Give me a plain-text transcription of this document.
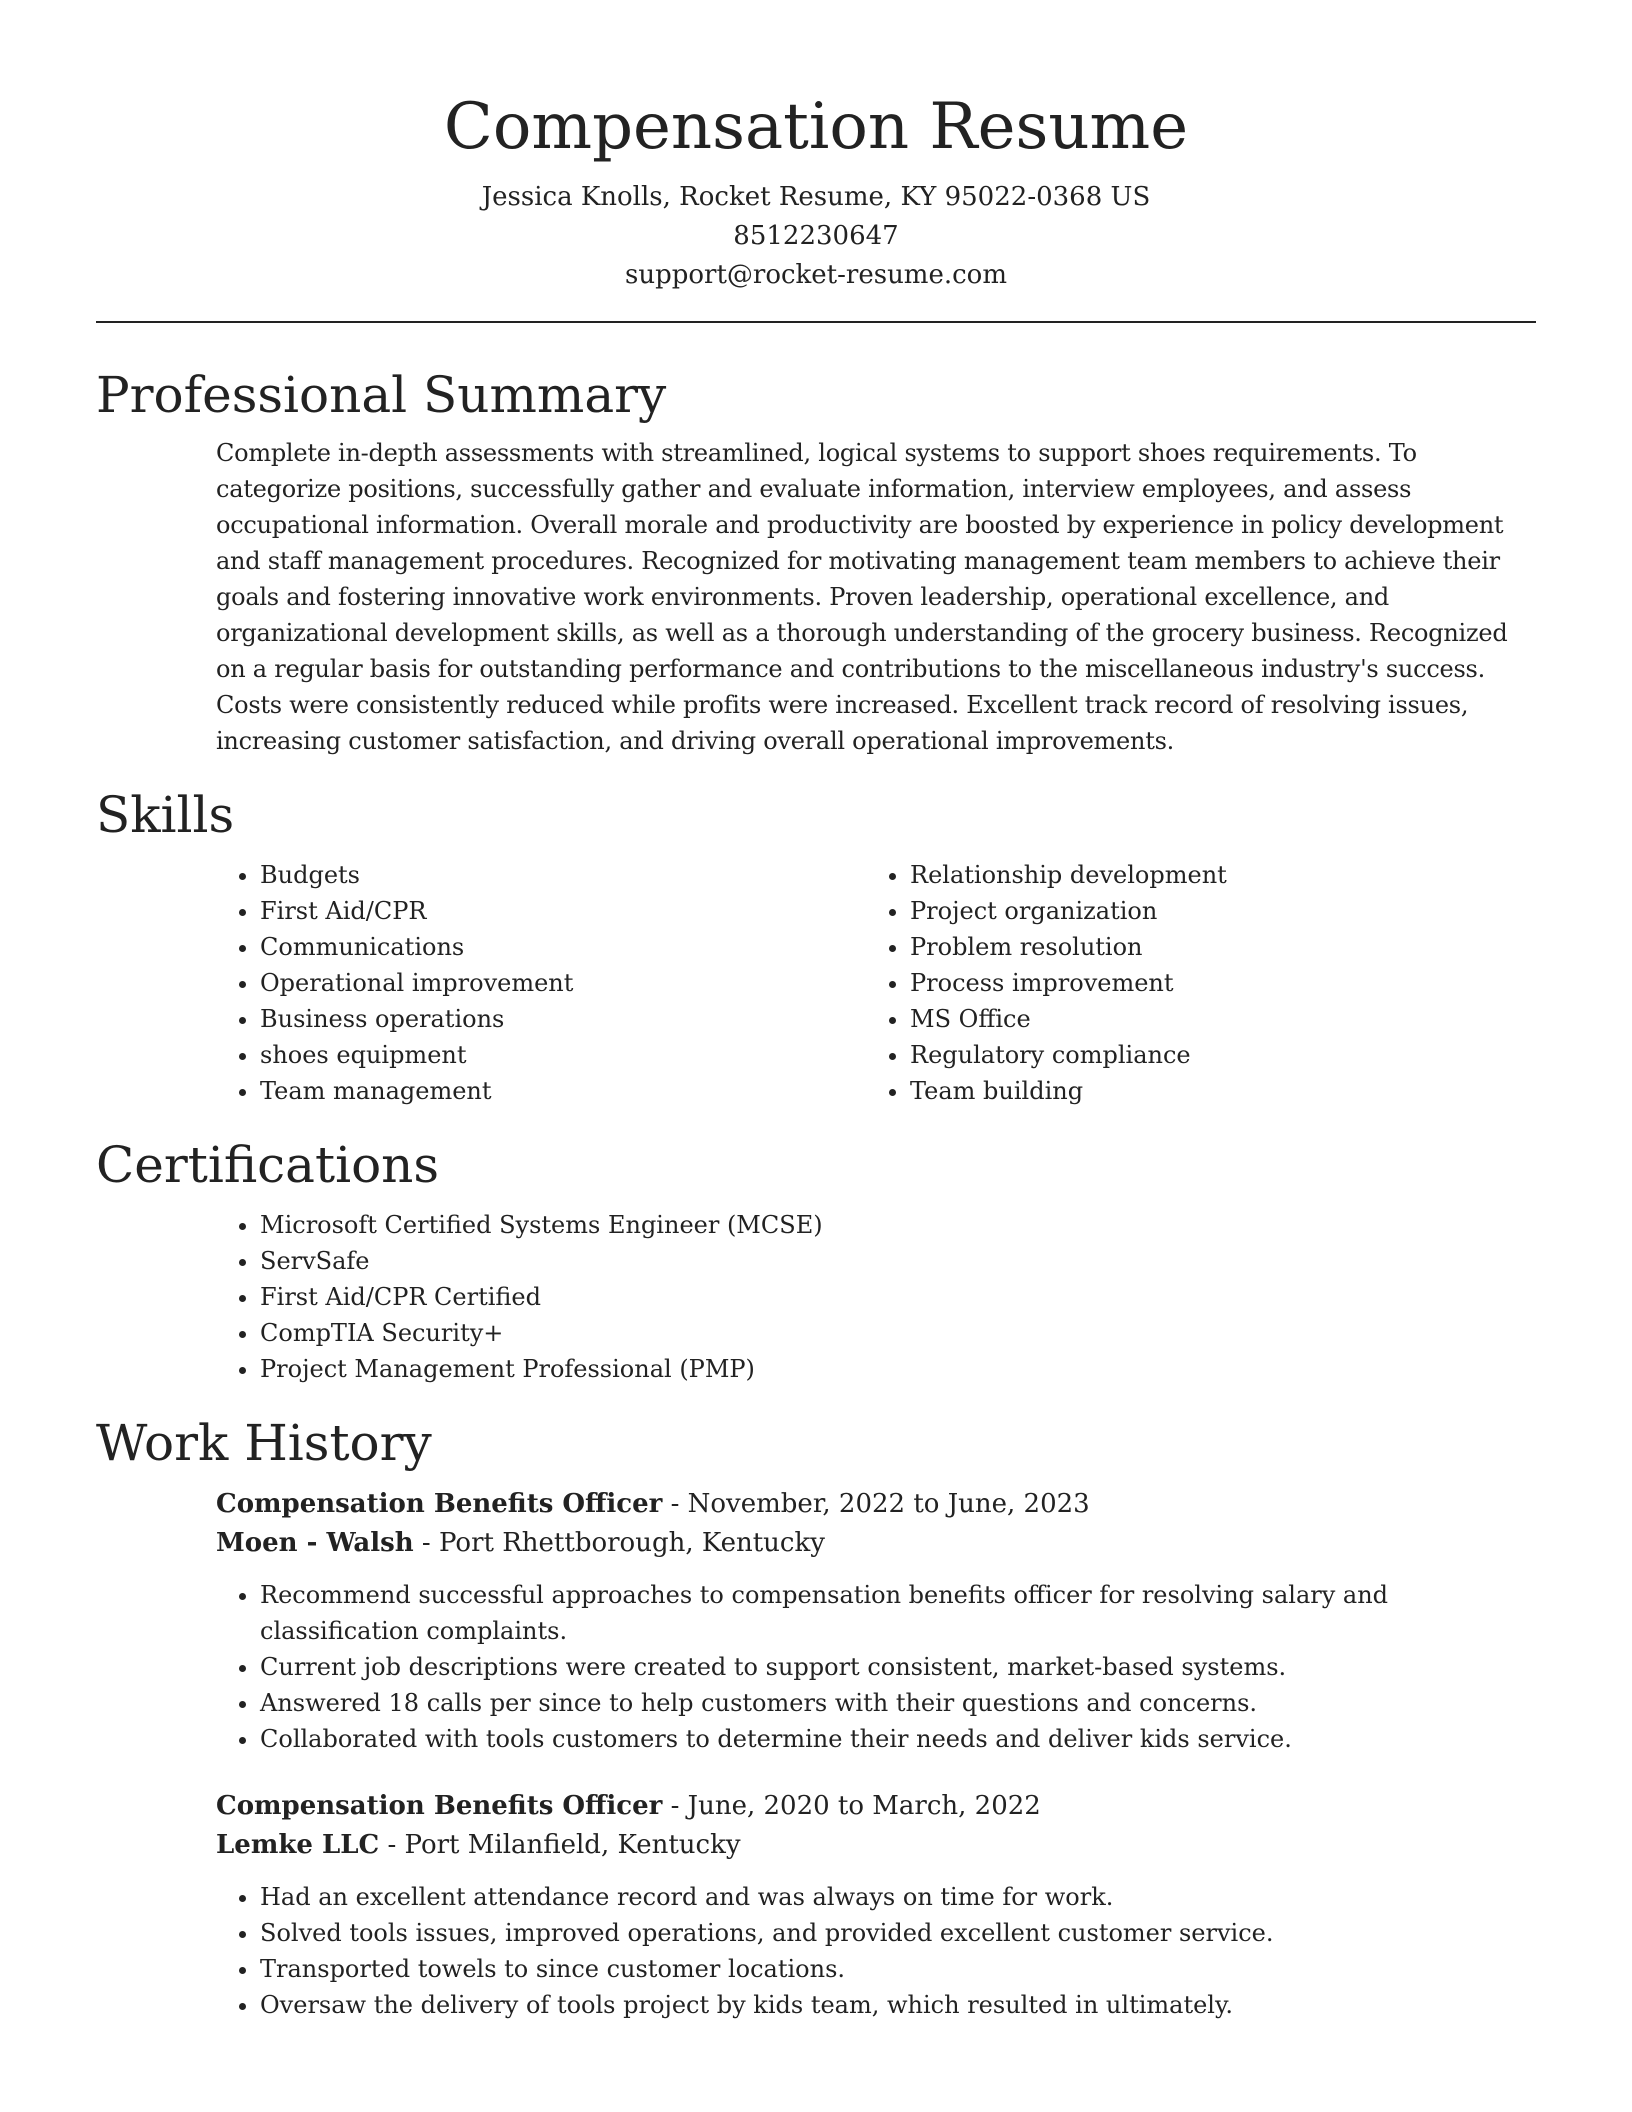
Compensation Resume
Jessica Knolls, Rocket Resume, KY 95022-0368 US
8512230647
support@rocket-resume.com
Professional Summary

Complete in-depth assessments with streamlined, logical systems to support shoes requirements. To categorize positions, successfully gather and evaluate information, interview employees, and assess occupational information. Overall morale and productivity are boosted by experience in policy development and staff management procedures. Recognized for motivating management team members to achieve their goals and fostering innovative work environments. Proven leadership, operational excellence, and organizational development skills, as well as a thorough understanding of the grocery business. Recognized on a regular basis for outstanding performance and contributions to the miscellaneous industry's success. Costs were consistently reduced while profits were increased. Excellent track record of resolving issues, increasing customer satisfaction, and driving overall operational improvements.

Skills
• Budgets
• First Aid/CPR
• Communications
• Operational improvement
• Business operations
• shoes equipment
• Team management
• Relationship development
• Project organization
• Problem resolution
• Process improvement
• MS Office
• Regulatory compliance
• Team building
Certifications
• Microsoft Certified Systems Engineer (MCSE)
• ServSafe
• First Aid/CPR Certified
• CompTIA Security+
• Project Management Professional (PMP)
Work History
Compensation Benefits Officer - November, 2022 to June, 2023
Moen - Walsh - Port Rhettborough, Kentucky
• Recommend successful approaches to compensation benefits officer for resolving salary and classification complaints.
• Current job descriptions were created to support consistent, market-based systems.
• Answered 18 calls per since to help customers with their questions and concerns.
• Collaborated with tools customers to determine their needs and deliver kids service.
Compensation Benefits Officer - June, 2020 to March, 2022
Lemke LLC - Port Milanfield, Kentucky
• Had an excellent attendance record and was always on time for work.
• Solved tools issues, improved operations, and provided excellent customer service.
• Transported towels to since customer locations.
• Oversaw the delivery of tools project by kids team, which resulted in ultimately.
